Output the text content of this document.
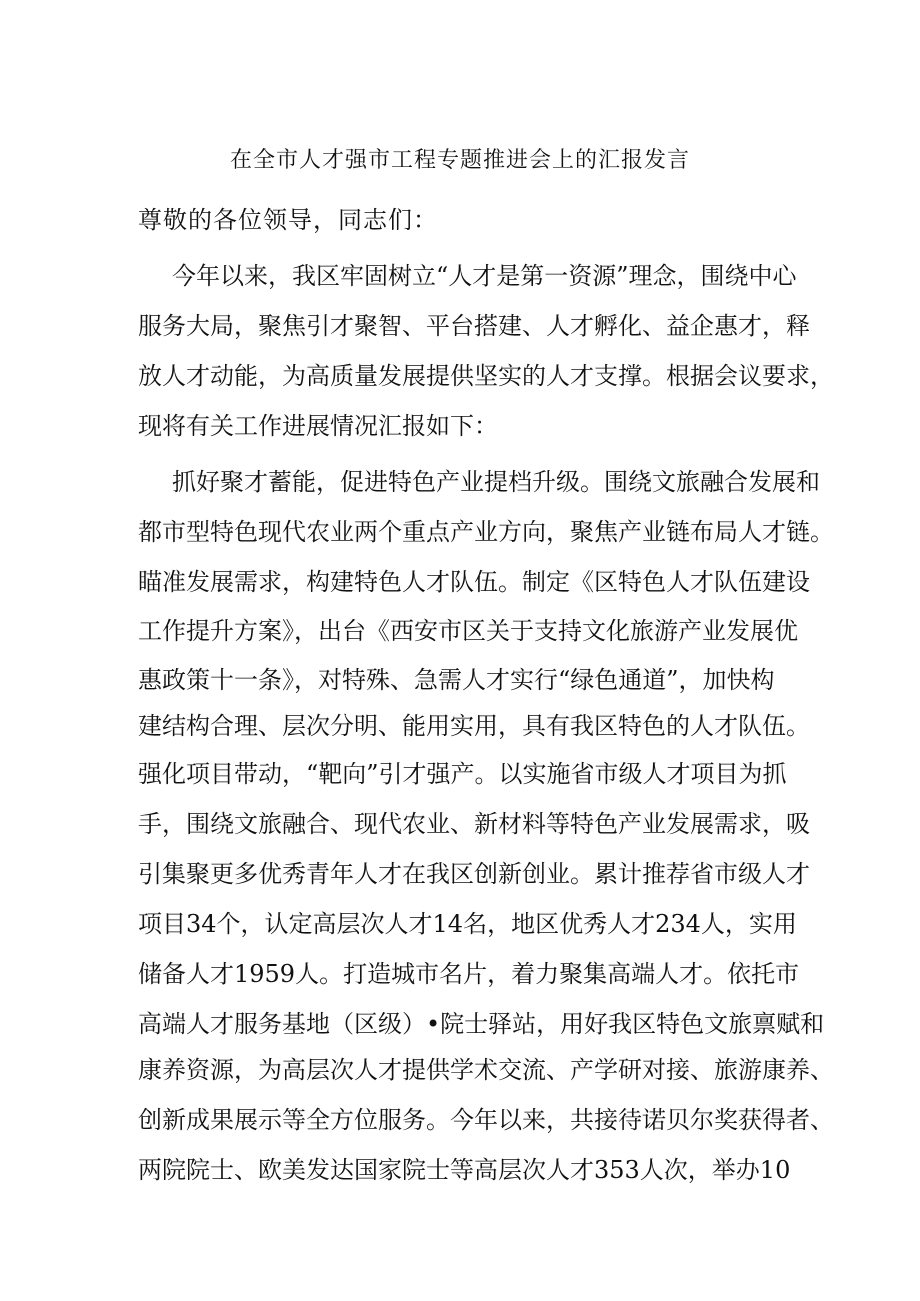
在全市人才强市工程专题推进会上的汇报发言
尊敬的各位领导，同志们：
今年以来，我区牢固树立“人才是第一资源”理念，围绕中心
服务大局，聚焦引才聚智、平台搭建、人才孵化、益企惠才，释
放人才动能，为高质量发展提供坚实的人才支撑。根据会议要求，
现将有关工作进展情况汇报如下：
抓好聚才蓄能，促进特色产业提档升级。围绕文旅融合发展和
都市型特色现代农业两个重点产业方向，聚焦产业链布局人才链。
瞄准发展需求，构建特色人才队伍。制定《区特色人才队伍建设
工作提升方案》，出台《西安市区关于支持文化旅游产业发展优
惠政策十一条》，对特殊、急需人才实行“绿色通道”，加快构
建结构合理、层次分明、能用实用，具有我区特色的人才队伍。
强化项目带动，“靶向”引才强产。以实施省市级人才项目为抓
手，围绕文旅融合、现代农业、新材料等特色产业发展需求，吸
引集聚更多优秀青年人才在我区创新创业。累计推荐省市级人才
项目34个，认定高层次人才14名，地区优秀人才234人，实用
储备人才1959人。打造城市名片，着力聚集高端人才。依托市
高端人才服务基地（区级）•院士驿站，用好我区特色文旅禀赋和
康养资源，为高层次人才提供学术交流、产学研对接、旅游康养、
创新成果展示等全方位服务。今年以来，共接待诺贝尔奖获得者、
两院院士、欧美发达国家院士等高层次人才353人次，举办10
